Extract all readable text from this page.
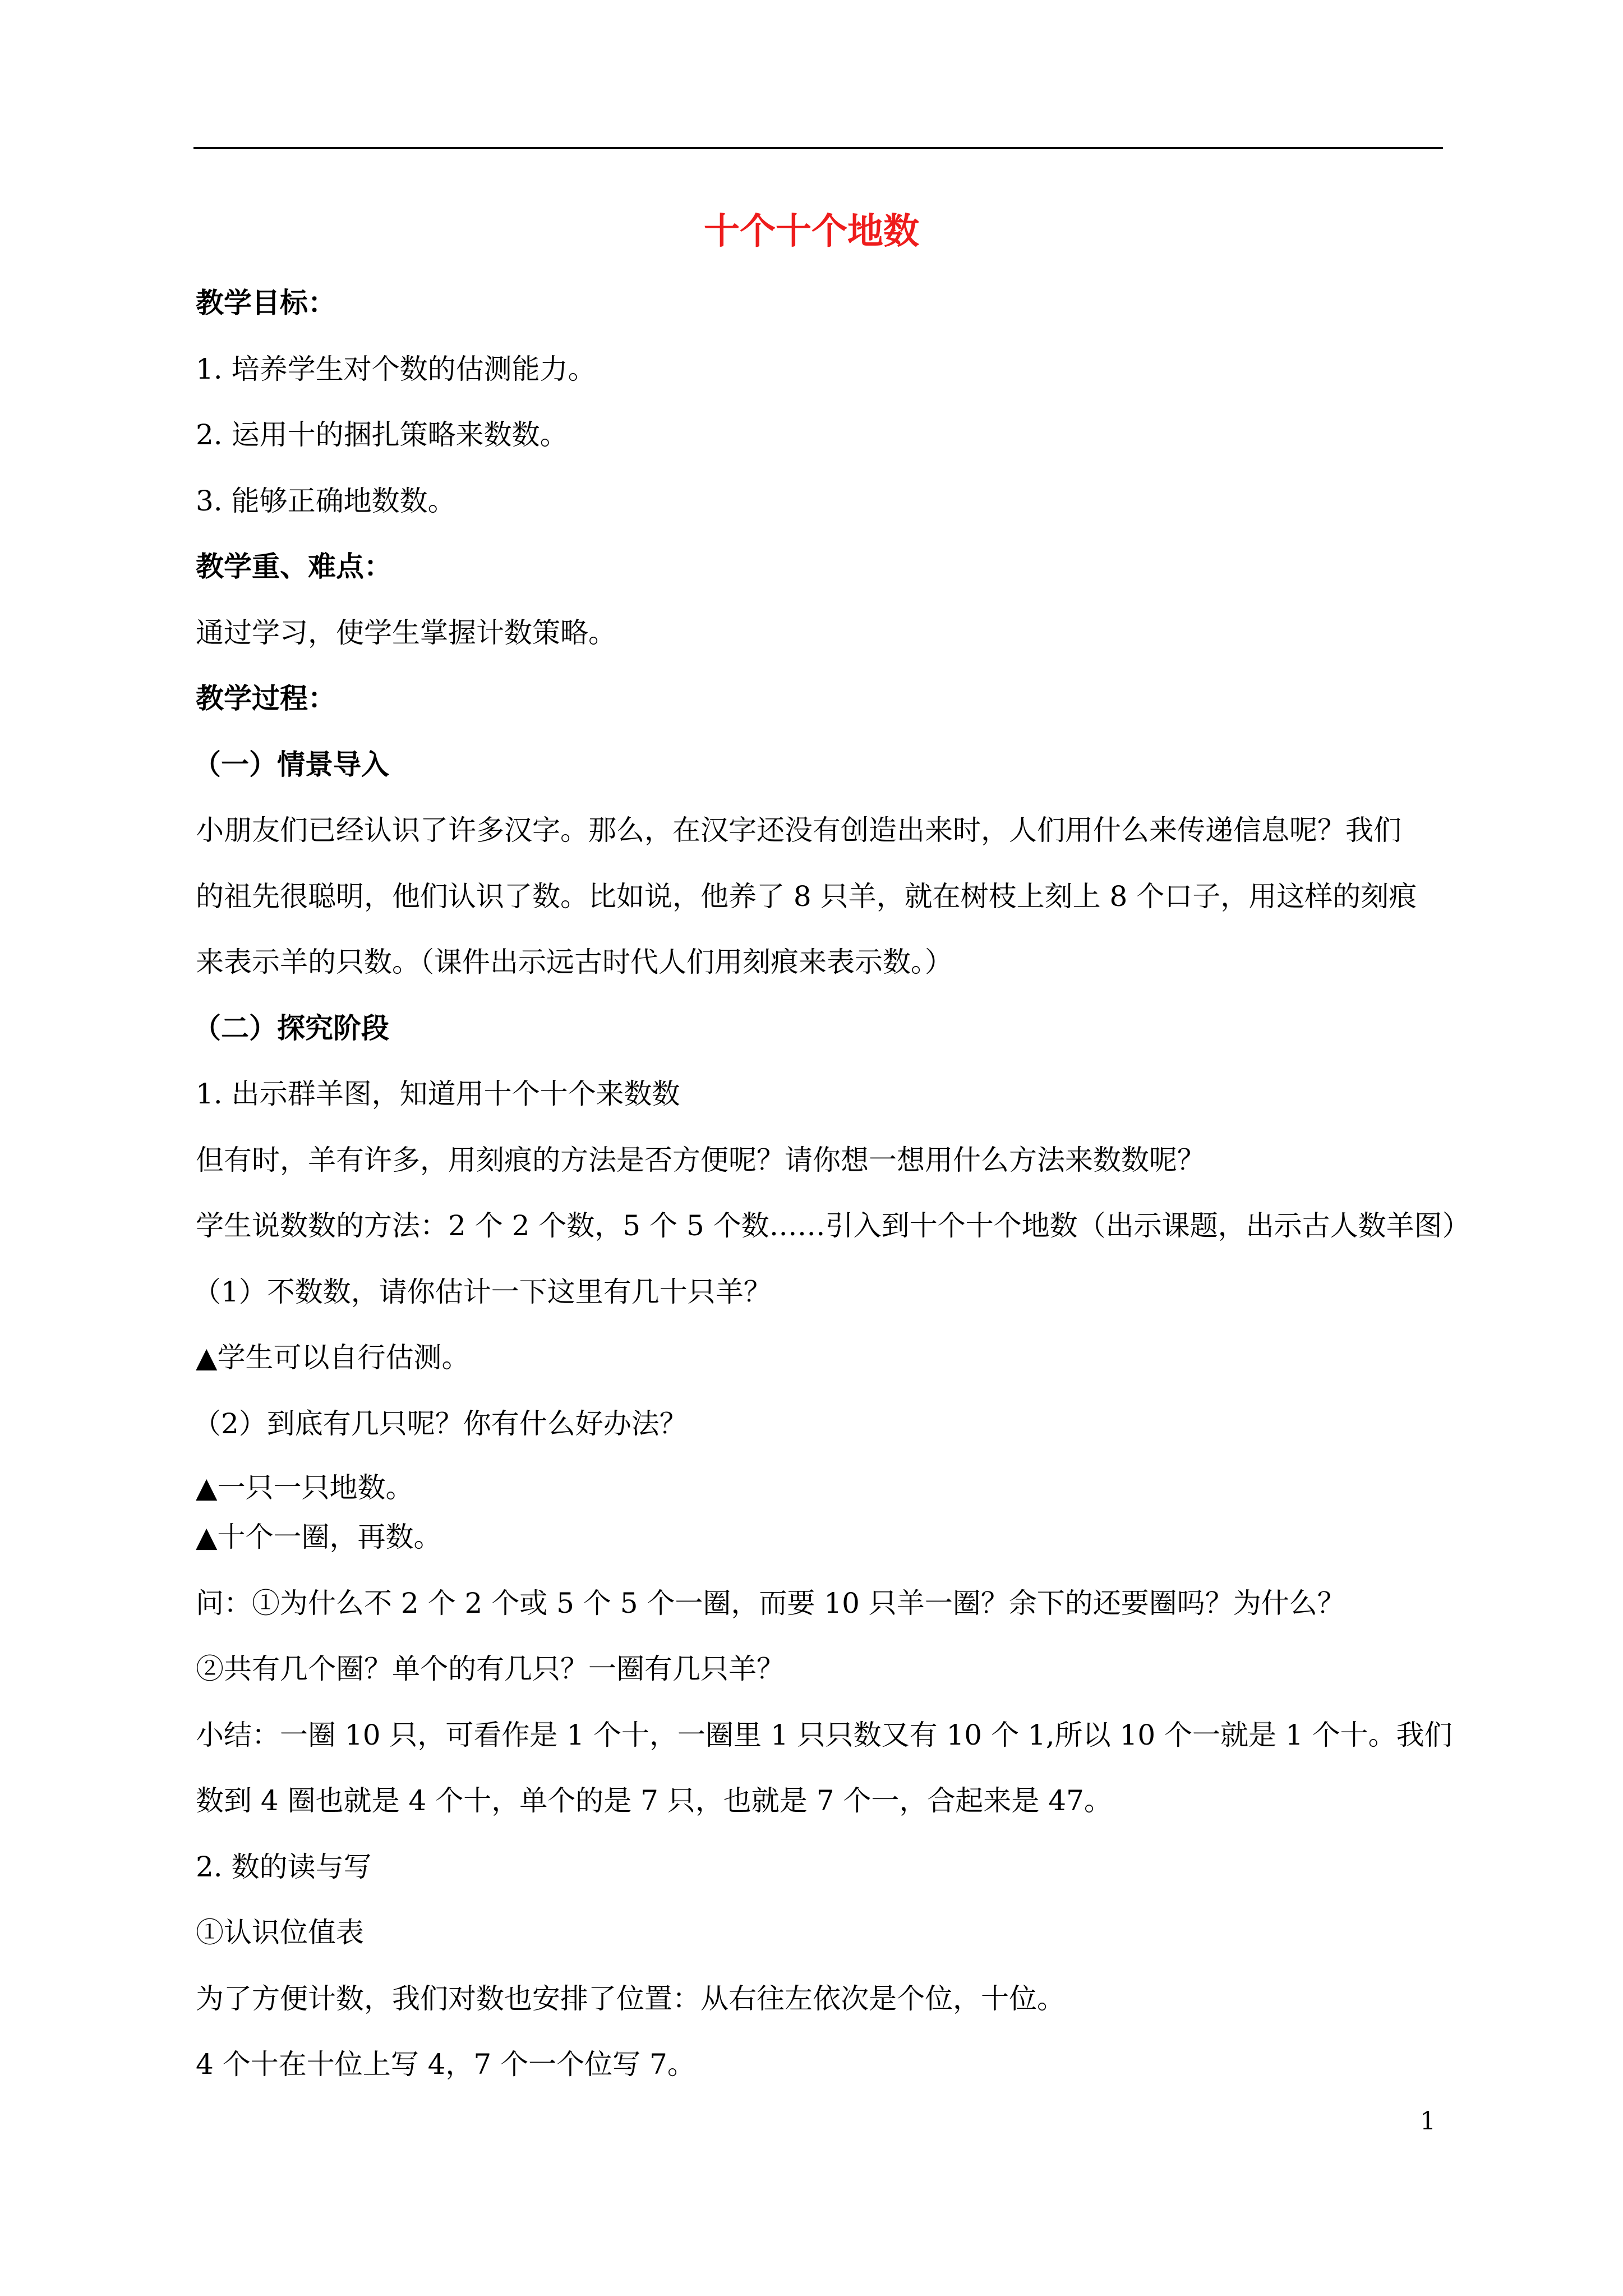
十个十个地数
教学目标：
1. 培养学生对个数的估测能力。
2. 运用十的捆扎策略来数数。
3. 能够正确地数数。
教学重、难点：
通过学习，使学生掌握计数策略。
教学过程：
（一）情景导入
小朋友们已经认识了许多汉字。那么，在汉字还没有创造出来时，人们用什么来传递信息呢？我们
的祖先很聪明，他们认识了数。比如说，他养了 8 只羊，就在树枝上刻上 8 个口子，用这样的刻痕
来表示羊的只数。（课件出示远古时代人们用刻痕来表示数。）
（二）探究阶段
1. 出示群羊图，知道用十个十个来数数
但有时，羊有许多，用刻痕的方法是否方便呢？请你想一想用什么方法来数数呢？
学生说数数的方法：2 个 2 个数，5 个 5 个数……引入到十个十个地数（出示课题，出示古人数羊图）
（1）不数数，请你估计一下这里有几十只羊？
▲学生可以自行估测。
（2）到底有几只呢？你有什么好办法？
▲一只一只地数。
▲十个一圈，再数。
问：①为什么不 2 个 2 个或 5 个 5 个一圈，而要 10 只羊一圈？余下的还要圈吗？为什么？
②共有几个圈？单个的有几只？一圈有几只羊？
小结：一圈 10 只，可看作是 1 个十，一圈里 1 只只数又有 10 个 1,所以 10 个一就是 1 个十。我们
数到 4 圈也就是 4 个十，单个的是 7 只，也就是 7 个一，合起来是 47。
2. 数的读与写
①认识位值表
为了方便计数，我们对数也安排了位置：从右往左依次是个位，十位。
4 个十在十位上写 4，7 个一个位写 7。
1
